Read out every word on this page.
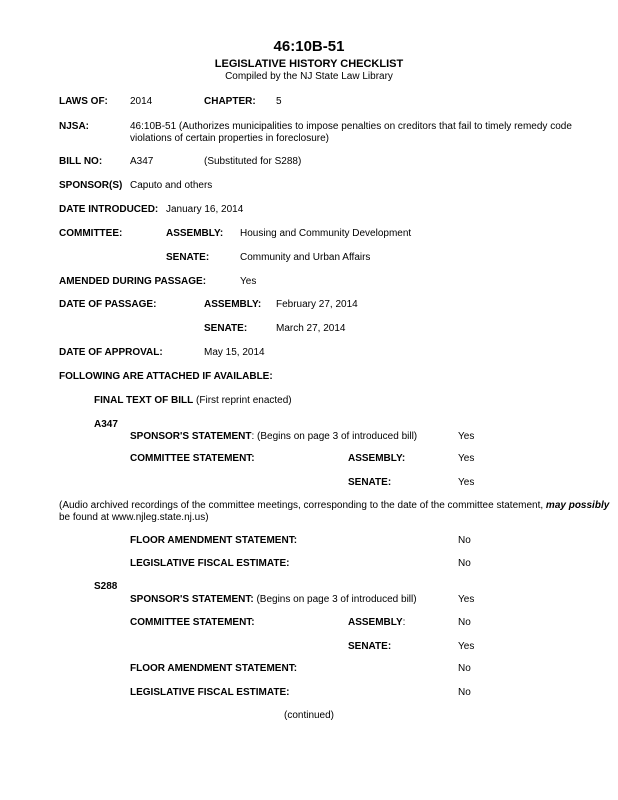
46:10B-51
LEGISLATIVE HISTORY CHECKLIST
Compiled by the NJ State Law Library
LAWS OF: 2014	CHAPTER: 5
NJSA:	46:10B-51 (Authorizes municipalities to impose penalties on creditors that fail to timely remedy code
violations of certain properties in foreclosure)
BILL NO:	A347	(Substituted for S288)
SPONSOR(S) Caputo and others
DATE INTRODUCED: January 16, 2014
COMMITTEE:	ASSEMBLY: Housing and Community Development
SENATE:	Community and Urban Affairs
AMENDED DURING PASSAGE:	Yes
DATE OF PASSAGE:	ASSEMBLY: February 27, 2014
SENATE:	March 27, 2014
DATE OF APPROVAL:	May 15, 2014
FOLLOWING ARE ATTACHED IF AVAILABLE:
FINAL TEXT OF BILL (First reprint enacted)
A347
SPONSOR'S STATEMENT: (Begins on page 3 of introduced bill)	Yes
COMMITTEE STATEMENT:	ASSEMBLY:	Yes
SENATE:	Yes
(Audio archived recordings of the committee meetings, corresponding to the date of the committee statement, may possibly
be found at www.njleg.state.nj.us)
FLOOR AMENDMENT STATEMENT:	No
LEGISLATIVE FISCAL ESTIMATE:	No
S288
SPONSOR'S STATEMENT: (Begins on page 3 of introduced bill)	Yes
COMMITTEE STATEMENT:	ASSEMBLY:	No
SENATE:	Yes
FLOOR AMENDMENT STATEMENT:	No
LEGISLATIVE FISCAL ESTIMATE:	No
(continued)
